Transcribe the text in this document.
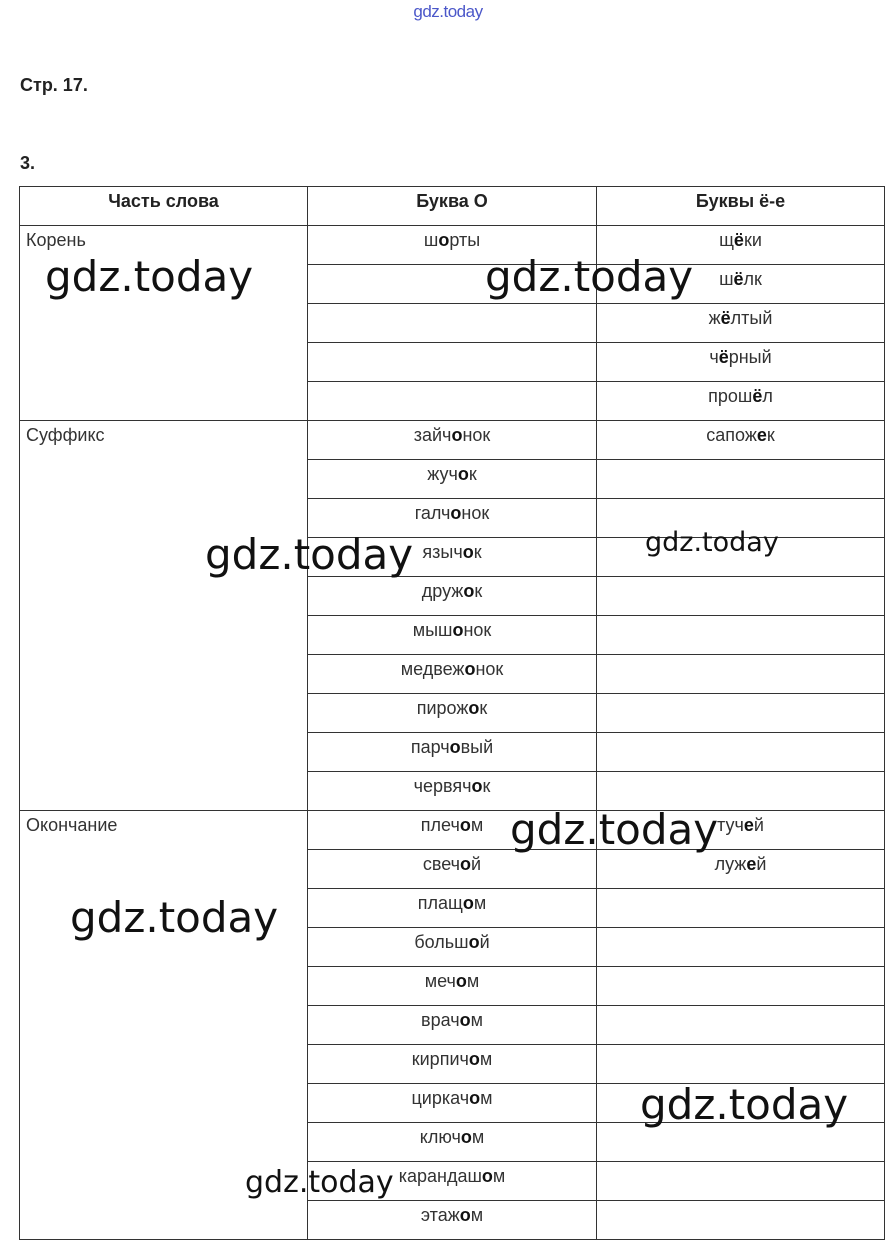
gdz.today
Стр. 17.
3.
Часть слова	Буква О	Буквы ё-е
Корень	шорты	щёки
		шёлк
		жёлтый
		чёрный
		прошёл
Суффикс	зайчонок	сапожек
	жучок	
	галчонок	
	язычок	
	дружок	
	мышонок	
	медвежонок	
	пирожок	
	парчовый	
	червячок	
Окончание	плечом	тучей
	свечой	лужей
	плащом	
	большой	
	мечом	
	врачом	
	кирпичом	
	циркачом	
	ключом	
	карандашом	
	этажом	
gdz.today	gdz.today
gdz.today	gdz.today
gdz.today
gdz.today
gdz.today
gdz.today
